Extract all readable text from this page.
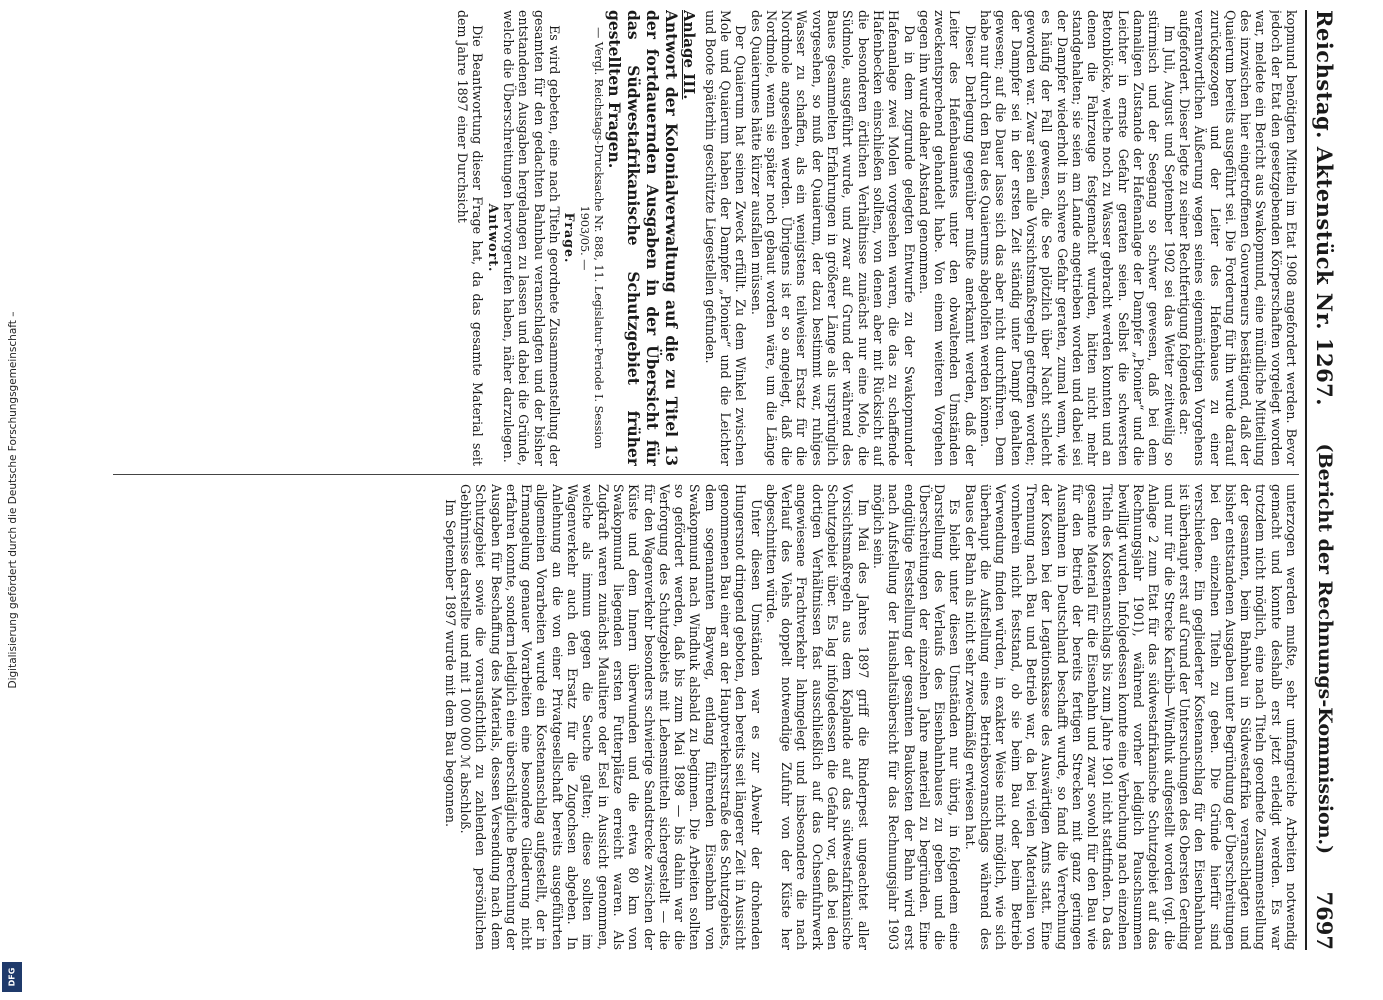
Digitalisierung gefördert durch die Deutsche Forschungsgemeinschaft –
DFG
Reichstag. Aktenstück Nr. 1267.
(Bericht der Rechnungs-Kommission.)
7697

kopmund benötigten Mitteln im Etat 1908 angefordert werden. Bevor jedoch der Etat den gesetzgebenden Körperschaften vorgelegt worden war, meldete ein Bericht aus Swakopmund, eine mündliche Mitteilung des inzwischen hier eingetroffenen Gouverneurs bestätigend, daß der Quaierum bereits ausgeführt sei. Die Forderung für ihn wurde darauf zurückgezogen und der Leiter des Hafenbaues zu einer verantwortlichen Äußerung wegen seines eigenmächtigen Vorgehens aufgefordert. Dieser legte zu seiner Rechtfertigung folgendes dar:

Im Juli, August und September 1902 sei das Wetter zeitweilig so stürmisch und der Seegang so schwer gewesen, daß bei dem damaligen Zustande der Hafenanlage der Dampfer „Pionier“ und die Leichter in ernste Gefahr geraten seien. Selbst die schwersten Betonblöcke, welche noch zu Wasser gebracht werden konnten und an denen die Fahrzeuge festgemacht wurden, hätten nicht mehr standgehalten; sie seien am Lande angetrieben worden und dabei sei der Dampfer wiederholt in schwere Gefahr geraten, zumal wenn, wie es häufig der Fall gewesen, die See plötzlich über Nacht schlecht geworden war. Zwar seien alle Vorsichtsmaßregeln getroffen worden; der Dampfer sei in der ersten Zeit ständig unter Dampf gehalten gewesen; auf die Dauer lasse sich das aber nicht durchführen. Dem habe nur durch den Bau des Quaierums abgeholfen werden können.

Dieser Darlegung gegenüber mußte anerkannt werden, daß der Leiter des Hafenbauamtes unter den obwaltenden Umständen zweckentsprechend gehandelt habe. Von einem weiteren Vorgehen gegen ihn wurde daher Abstand genommen.

Da in dem zugrunde gelegten Entwurfe zu der Swakopmunder Hafenanlage zwei Molen vorgesehen waren, die das zu schaffende Hafenbecken einschließen sollten, von denen aber mit Rücksicht auf die besonderen örtlichen Verhältnisse zunächst nur eine Mole, die Südmole, ausgeführt wurde, und zwar auf Grund der während des Baues gesammelten Erfahrungen in größerer Länge als ursprünglich vorgesehen, so muß der Quaierum, der dazu bestimmt war, ruhiges Wasser zu schaffen, als ein wenigstens teilweiser Ersatz für die Nordmole angesehen werden. Übrigens ist er so angelegt, daß die Nordmole, wenn sie später noch gebaut worden wäre, um die Länge des Quaierumes hätte kürzer ausfallen müssen.

Der Quaierum hat seinen Zweck erfüllt. Zu dem Winkel zwischen Mole und Quaierum haben der Dampfer „Pionier“ und die Leichter und Boote späterhin geschützte Liegestellen gefunden.

Anlage III.

Antwort der Kolonialverwaltung auf die zu Titel 13 der fortdauernden Ausgaben in der Übersicht für das Südwestafrikanische Schutzgebiet früher gestellten Fragen.

— Vergl. Reichstags-Drucksache Nr. 888, 11. Legislatur-Periode I. Session 1903/05. —

Frage.

Es wird gebeten, eine nach Titeln geordnete Zusammenstellung der gesamten für den gedachten Bahnbau veranschlagten und der bisher entstandenen Ausgaben hergelangen zu lassen und dabei die Gründe, welche die Überschreitungen hervorgerufen haben, näher darzulegen.

Antwort.

Die Beantwortung dieser Frage hat, da das gesamte Material seit dem Jahre 1897 einer Durchsicht

unterzogen werden mußte, sehr umfangreiche Arbeiten notwendig gemacht und konnte deshalb erst jetzt erledigt werden. Es war trotzdem nicht möglich, eine nach Titeln geordnete Zusammenstellung der gesamten, beim Bahnbau in Südwestafrika veranschlagten und bisher entstandenen Ausgaben unter Begründung der Überschreitungen bei den einzelnen Titeln zu geben. Die Gründe hierfür sind verschiedene. Ein gegliederter Kostenanschlag für den Eisenbahnbau ist überhaupt erst auf Grund der Untersuchungen des Obersten Gerding und nur für die Strecke Karibib—Windhuk aufgestellt worden (vgl. die Anlage 2 zum Etat für das südwestafrikanische Schutzgebiet auf das Rechnungsjahr 1901), während vorher lediglich Pauschsummen bewilligt wurden. Infolgedessen konnte eine Verbuchung nach einzelnen Titeln des Kostenanschlags bis zum Jahre 1901 nicht stattfinden. Da das gesamte Material für die Eisenbahn und zwar sowohl für den Bau wie für den Betrieb der bereits fertigen Strecken mit ganz geringen Ausnahmen in Deutschland beschafft wurde, so fand die Verrechnung der Kosten bei der Legationskasse des Auswärtigen Amts statt. Eine Trennung nach Bau und Betrieb war, da bei vielen Materialien von vornherein nicht feststand, ob sie beim Bau oder beim Betrieb Verwendung finden würden, in exakter Weise nicht möglich, wie sich überhaupt die Aufstellung eines Betriebsvoranschlags während des Baues der Bahn als nicht sehr zweckmäßig erwiesen hat.

Es bleibt unter diesen Umständen nur übrig, in folgendem eine Darstellung des Verlaufs des Eisenbahnbaues zu geben und die Überschreitungen der einzelnen Jahre materiell zu begründen. Eine endgültige Feststellung der gesamten Baukosten der Bahn wird erst nach Aufstellung der Haushaltsübersicht für das Rechnungsjahr 1903 möglich sein.

Im Mai des Jahres 1897 griff die Rinderpest ungeachtet aller Vorsichtsmaßregeln aus dem Kaplande auf das südwestafrikanische Schutzgebiet über. Es lag infolgedessen die Gefahr vor, daß bei den dortigen Verhältnissen fast ausschließlich auf das Ochsenfuhrwerk angewiesene Frachtverkehr lahmgelegt und insbesondere die nach Verlauf des Viehs doppelt notwendige Zufuhr von der Küste her abgeschnitten würde.

Unter diesen Umständen war es zur Abwehr der drohenden Hungersnot dringend geboten, den bereits seit längerer Zeit in Aussicht genommenen Bau einer an der Hauptverkehrsstraße des Schutzgebiets, dem sogenannten Bayweg, entlang führenden Eisenbahn von Swakopmund nach Windhuk alsbald zu beginnen. Die Arbeiten sollten so gefördert werden, daß bis zum Mai 1898 — bis dahin war die Verforgung des Schutzgebiets mit Lebensmitteln sichergestellt — die für den Wagenverkehr besonders schwierige Sandstrecke zwischen der Küste und dem Innern überwunden und die etwa 80 km von Swakopmund liegenden ersten Futterplätze erreicht waren. Als Zugkraft waren zunächst Maultiere oder Esel in Aussicht genommen, welche als immun gegen die Seuche galten; diese sollten im Wagenverkehr auch den Ersatz für die Zugochsen abgeben. In Anlehnung an die von einer Privatgesellschaft bereits ausgeführten allgemeinen Vorarbeiten wurde ein Kostenanschlag aufgestellt, der in Ermangelung genauer Vorarbeiten eine besondere Gliederung nicht erfahren konnte, sondern lediglich eine überschlägliche Berechnung der Ausgaben für Beschaffung des Materials, dessen Versendung nach dem Schutzgebiet sowie die vorausfichtlich zu zahlenden persönlichen Gebührnisse darstellte und mit 1 000 000 ℳ abschloß.

Im September 1897 wurde mit dem Bau begonnen.
